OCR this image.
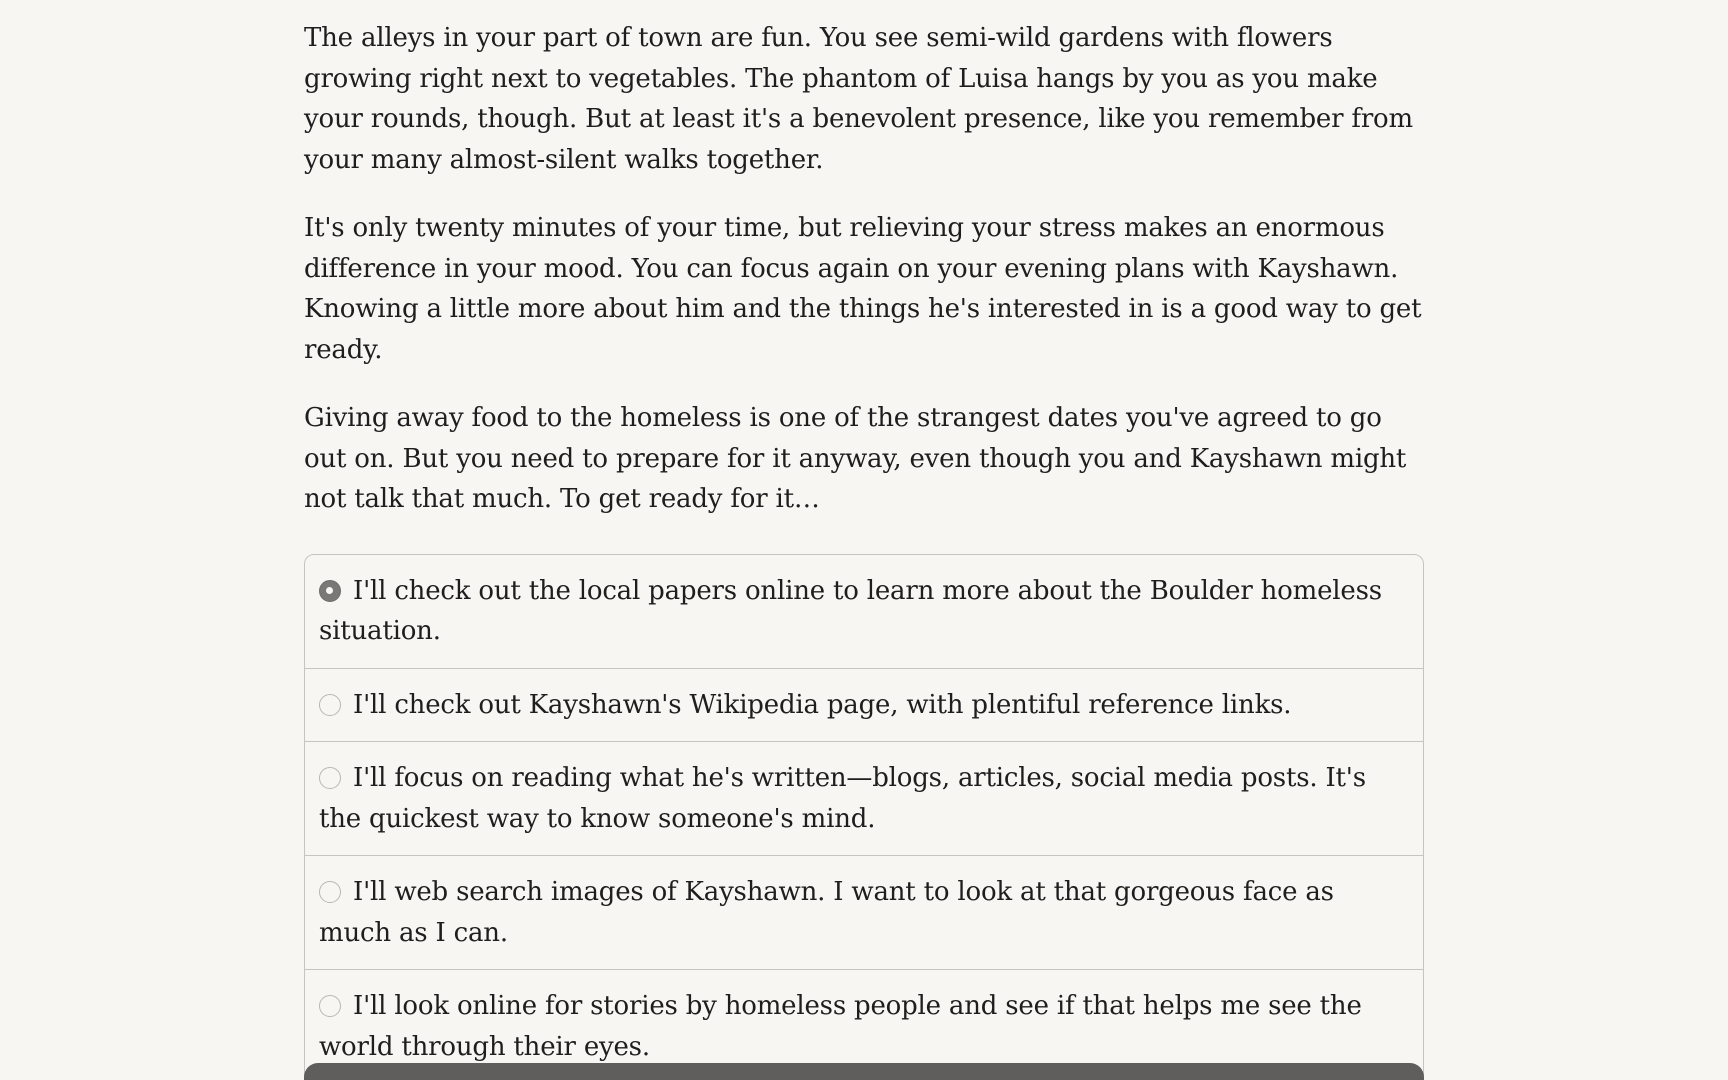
The alleys in your part of town are fun. You see semi-wild gardens with flowers growing right next to vegetables. The phantom of Luisa hangs by you as you make your rounds, though. But at least it's a benevolent presence, like you remember from your many almost-silent walks together.

It's only twenty minutes of your time, but relieving your stress makes an enormous difference in your mood. You can focus again on your evening plans with Kayshawn. Knowing a little more about him and the things he's interested in is a good way to get ready.

Giving away food to the homeless is one of the strangest dates you've agreed to go out on. But you need to prepare for it anyway, even though you and Kayshawn might not talk that much. To get ready for it…

I'll check out the local papers online to learn more about the Boulder homeless situation.
I'll check out Kayshawn's Wikipedia page, with plentiful reference links.
I'll focus on reading what he's written—blogs, articles, social media posts. It's the quickest way to know someone's mind.
I'll web search images of Kayshawn. I want to look at that gorgeous face as much as I can.
I'll look online for stories by homeless people and see if that helps me see the world through their eyes.
